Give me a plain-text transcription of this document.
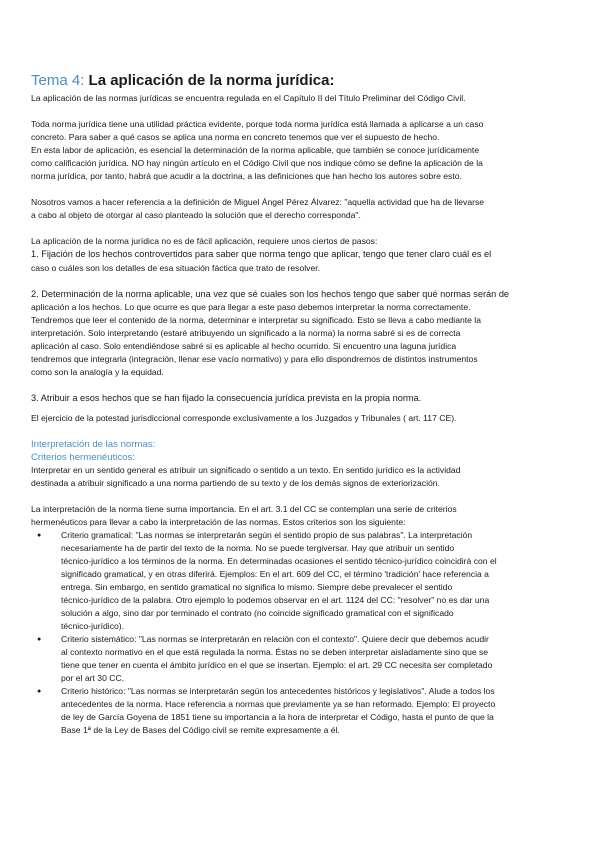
Tema 4: La aplicación de la norma jurídica:

La aplicación de las normas jurídicas se encuentra regulada en el Capítulo II del Título Preliminar del Código Civil.

Toda norma jurídica tiene una utilidad práctica evidente, porque toda norma jurídica está llamada a aplicarse a un caso

concreto. Para saber a qué casos se aplica una norma en concreto tenemos que ver el supuesto de hecho.

En esta labor de aplicación, es esencial la determinación de la norma aplicable, que también se conoce jurídicamente

como calificación jurídica. NO hay ningún artículo en el Código Civil que nos indique cómo se define la aplicación de la

norma jurídica, por tanto, habrá que acudir a la doctrina, a las definiciones que han hecho los autores sobre esto.

Nosotros vamos a hacer referencia a la definición de Miguel Ángel Pérez Álvarez: "aquella actividad que ha de llevarse

a cabo al objeto de otorgar al caso planteado la solución que el derecho corresponda".

La aplicación de la norma jurídica no es de fácil aplicación, requiere unos ciertos de pasos:

1. Fijación de los hechos controvertidos para saber que norma tengo que aplicar, tengo que tener claro cuál es el

caso o cuáles son los detalles de esa situación fáctica que trato de resolver.

2. Determinación de la norma aplicable, una vez que sé cuales son los hechos tengo que saber qué normas serán de

aplicación a los hechos. Lo que ocurre es que para llegar a este paso debemos interpretar la norma correctamente.

Tendremos que leer el contenido de la norma, determinar e interpretar su significado. Esto se lleva a cabo mediante la

interpretación. Solo interpretando (estaré atribuyendo un significado a la norma) la norma sabré si es de correcta

aplicación al caso. Solo entendiéndose sabré si es aplicable al hecho ocurrido. Si encuentro una laguna jurídica

tendremos que integrarla (integración, llenar ese vacío normativo) y para ello dispondremos de distintos instrumentos

como son la analogía y la equidad.

3. Atribuir a esos hechos que se han fijado la consecuencia jurídica prevista en la propia norma.

El ejercicio de la potestad jurisdiccional corresponde exclusivamente a los Juzgados y Tribunales ( art. 117 CE).

Interpretación de las normas:

Criterios hermenéuticos:

Interpretar en un sentido general es atribuir un significado o sentido a un texto. En sentido jurídico es la actividad

destinada a atribuir significado a una norma partiendo de su texto y de los demás signos de exteriorización.

La interpretación de la norma tiene suma importancia. En el art. 3.1 del CC se contemplan una serie de criterios

hermenéuticos para llevar a cabo la interpretación de las normas. Estos criterios son los siguiente:

● Criterio gramatical: "Las normas se interpretarán según el sentido propio de sus palabras". La interpretación
necesariamente ha de partir del texto de la norma. No se puede tergiversar. Hay que atribuir un sentido
técnico-jurídico a los términos de la norma. En determinadas ocasiones el sentido técnico-jurídico coincidirá con el
significado gramatical, y en otras diferirá. Ejemplos: En el art. 609 del CC, el término 'tradición' hace referencia a
entrega. Sin embargo, en sentido gramatical no significa lo mismo. Siempre debe prevalecer el sentido
técnico-jurídico de la palabra. Otro ejemplo lo podemos observar en el art. 1124 del CC: "resolver" no es dar una
solución a algo, sino dar por terminado el contrato (no coincide significado gramatical con el significado
técnico-jurídico).
● Criterio sistemático: "Las normas se interpretarán en relación con el contexto". Quiere decir que debemos acudir
al contexto normativo en el que está regulada la norma. Éstas no se deben interpretar aisladamente sino que se
tiene que tener en cuenta el ámbito jurídico en el que se insertan. Ejemplo: el art. 29 CC necesita ser completado
por el art 30 CC.
● Criterio histórico: "Las normas se interpretarán según los antecedentes históricos y legislativos". Alude a todos los
antecedentes de la norma. Hace referencia a normas que previamente ya se han reformado. Ejemplo: El proyecto
de ley de García Goyena de 1851 tiene su importancia a la hora de interpretar el Código, hasta el punto de que la
Base 1ª de la Ley de Bases del Código civil se remite expresamente a él.
